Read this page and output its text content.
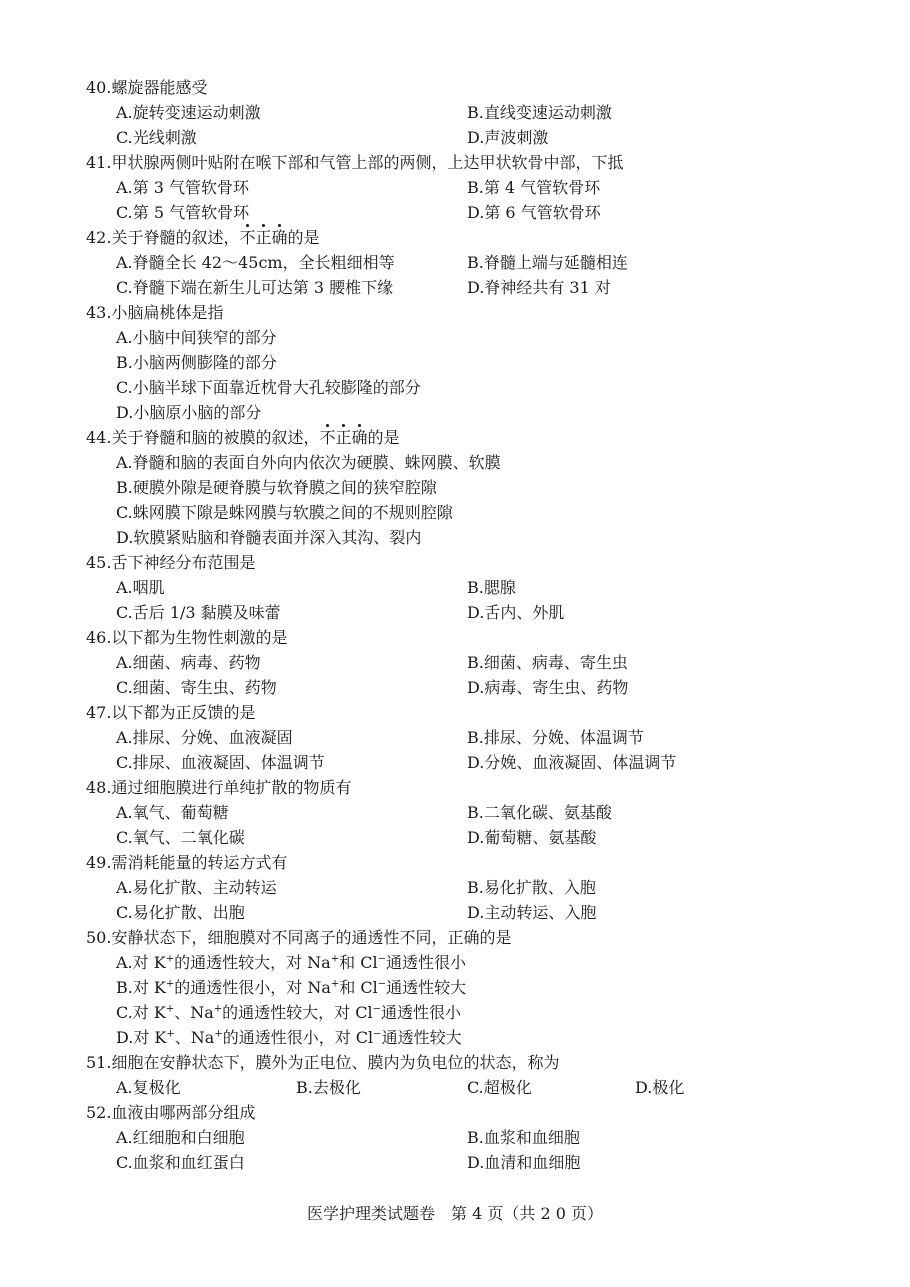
40.螺旋器能感受
A.旋转变速运动刺激	B.直线变速运动刺激
C.光线刺激	D.声波刺激
41.甲状腺两侧叶贴附在喉下部和气管上部的两侧，上达甲状软骨中部，下抵
A.第 3 气管软骨环	B.第 4 气管软骨环
C.第 5 气管软骨环	D.第 6 气管软骨环
42.关于脊髓的叙述，不正确的是
A.脊髓全长 42～45cm，全长粗细相等	B.脊髓上端与延髓相连
C.脊髓下端在新生儿可达第 3 腰椎下缘	D.脊神经共有 31 对
43.小脑扁桃体是指
A.小脑中间狭窄的部分
B.小脑两侧膨隆的部分
C.小脑半球下面靠近枕骨大孔较膨隆的部分
D.小脑原小脑的部分
44.关于脊髓和脑的被膜的叙述，不正确的是
A.脊髓和脑的表面自外向内依次为硬膜、蛛网膜、软膜
B.硬膜外隙是硬脊膜与软脊膜之间的狭窄腔隙
C.蛛网膜下隙是蛛网膜与软膜之间的不规则腔隙
D.软膜紧贴脑和脊髓表面并深入其沟、裂内
45.舌下神经分布范围是
A.咽肌	B.腮腺
C.舌后 1/3 黏膜及味蕾	D.舌内、外肌
46.以下都为生物性刺激的是
A.细菌、病毒、药物	B.细菌、病毒、寄生虫
C.细菌、寄生虫、药物	D.病毒、寄生虫、药物
47.以下都为正反馈的是
A.排尿、分娩、血液凝固	B.排尿、分娩、体温调节
C.排尿、血液凝固、体温调节	D.分娩、血液凝固、体温调节
48.通过细胞膜进行单纯扩散的物质有
A.氧气、葡萄糖	B.二氧化碳、氨基酸
C.氧气、二氧化碳	D.葡萄糖、氨基酸
49.需消耗能量的转运方式有
A.易化扩散、主动转运	B.易化扩散、入胞
C.易化扩散、出胞	D.主动转运、入胞
50.安静状态下，细胞膜对不同离子的通透性不同，正确的是
A.对 K+的通透性较大，对 Na+和 Cl−通透性很小
B.对 K+的通透性很小，对 Na+和 Cl−通透性较大
C.对 K+、Na+的通透性较大，对 Cl−通透性很小
D.对 K+、Na+的通透性很小，对 Cl−通透性较大
51.细胞在安静状态下，膜外为正电位、膜内为负电位的状态，称为
A.复极化	B.去极化	C.超极化	D.极化
52.血液由哪两部分组成
A.红细胞和白细胞	B.血浆和血细胞
C.血浆和血红蛋白	D.血清和血细胞
医学护理类试题卷　第 4 页（共 2 0 页）
